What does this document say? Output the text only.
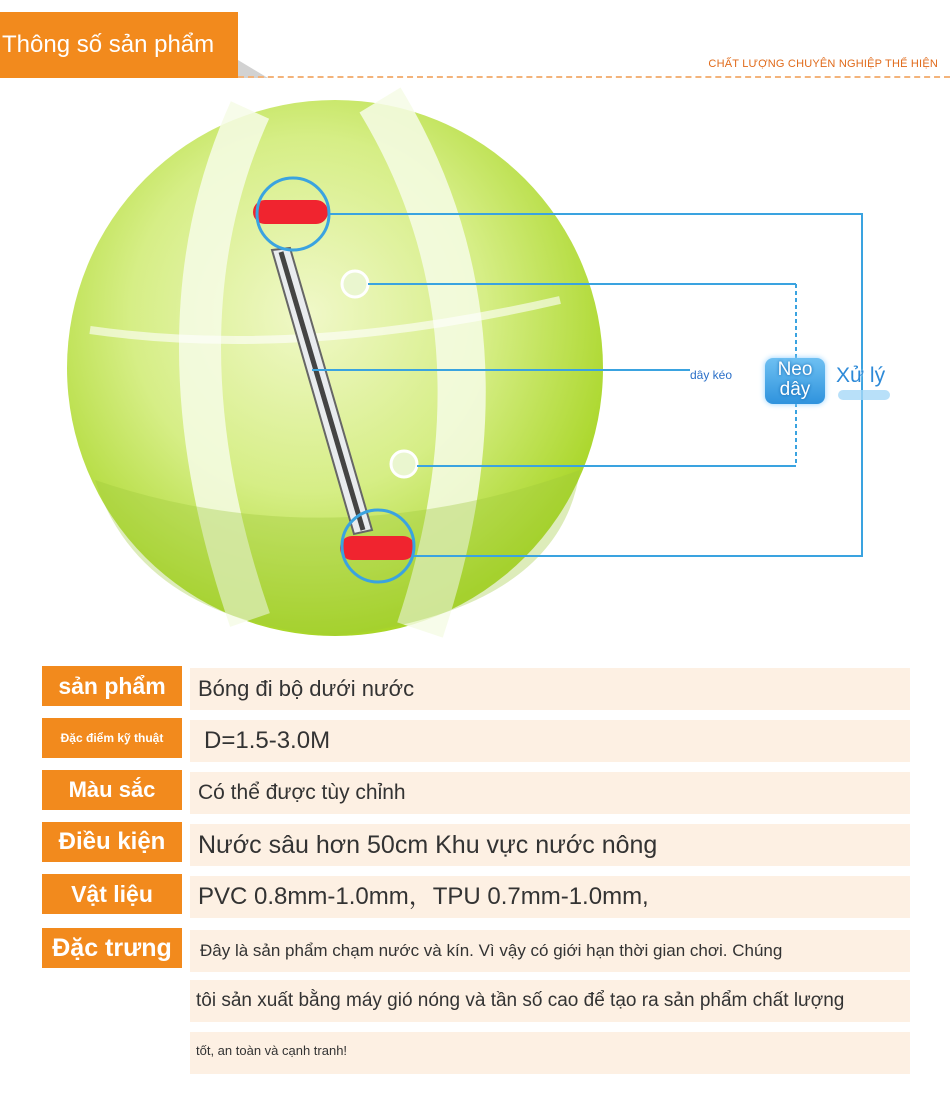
Thông số sản phẩm
CHẤT LƯỢNG CHUYÊN NGHIỆP THỂ HIỆN
dây kéo	Neo
dây
Xử lý
sản phẩm	Bóng đi bộ dưới nước
Đặc điểm kỹ thuật	D=1.5-3.0M
Màu sắc	Có thể được tùy chỉnh
Điều kiện	Nước sâu hơn 50cm Khu vực nước nông
Vật liệu	PVC 0.8mm-1.0mm，TPU 0.7mm-1.0mm,
Đặc trưng	Đây là sản phẩm chạm nước và kín. Vì vậy có giới hạn thời gian chơi. Chúng
tôi sản xuất bằng máy gió nóng và tần số cao để tạo ra sản phẩm chất lượng
tốt, an toàn và cạnh tranh!
